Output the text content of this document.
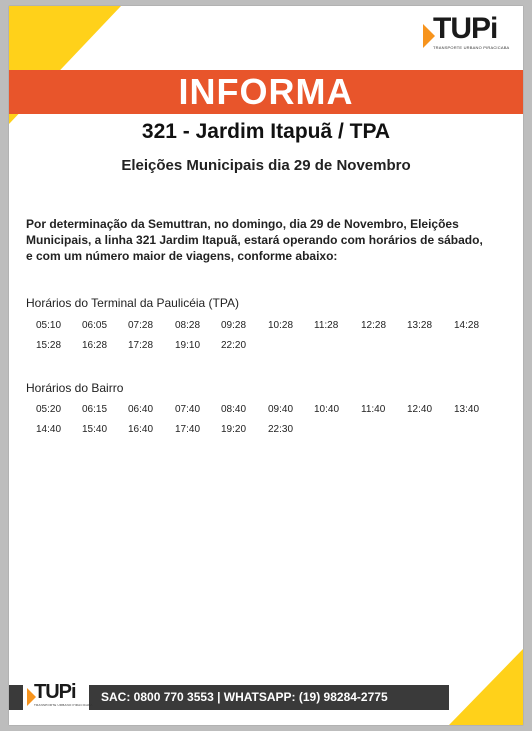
TUPi
TRANSPORTE URBANO PIRACICABA
INFORMA
321 - Jardim Itapuã / TPA
Eleições Municipais dia 29 de Novembro
Por determinação da Semuttran, no domingo, dia 29 de Novembro, Eleições Municipais, a linha 321 Jardim Itapuã, estará operando com horários de sábado, e com um número maior de viagens, conforme abaixo:
Horários do Terminal da Paulicéia (TPA)
05:10 06:05 07:28 08:28 09:28 10:28 11:28 12:28 13:28 14:28
15:28 16:28 17:28 19:10 22:20
Horários do Bairro
05:20 06:15 06:40 07:40 08:40 09:40 10:40 11:40 12:40 13:40
14:40 15:40 16:40 17:40 19:20 22:30
TUPi
TRANSPORTE URBANO PIRACICABA
SAC: 0800 770 3553 | WHATSAPP: (19) 98284-2775
